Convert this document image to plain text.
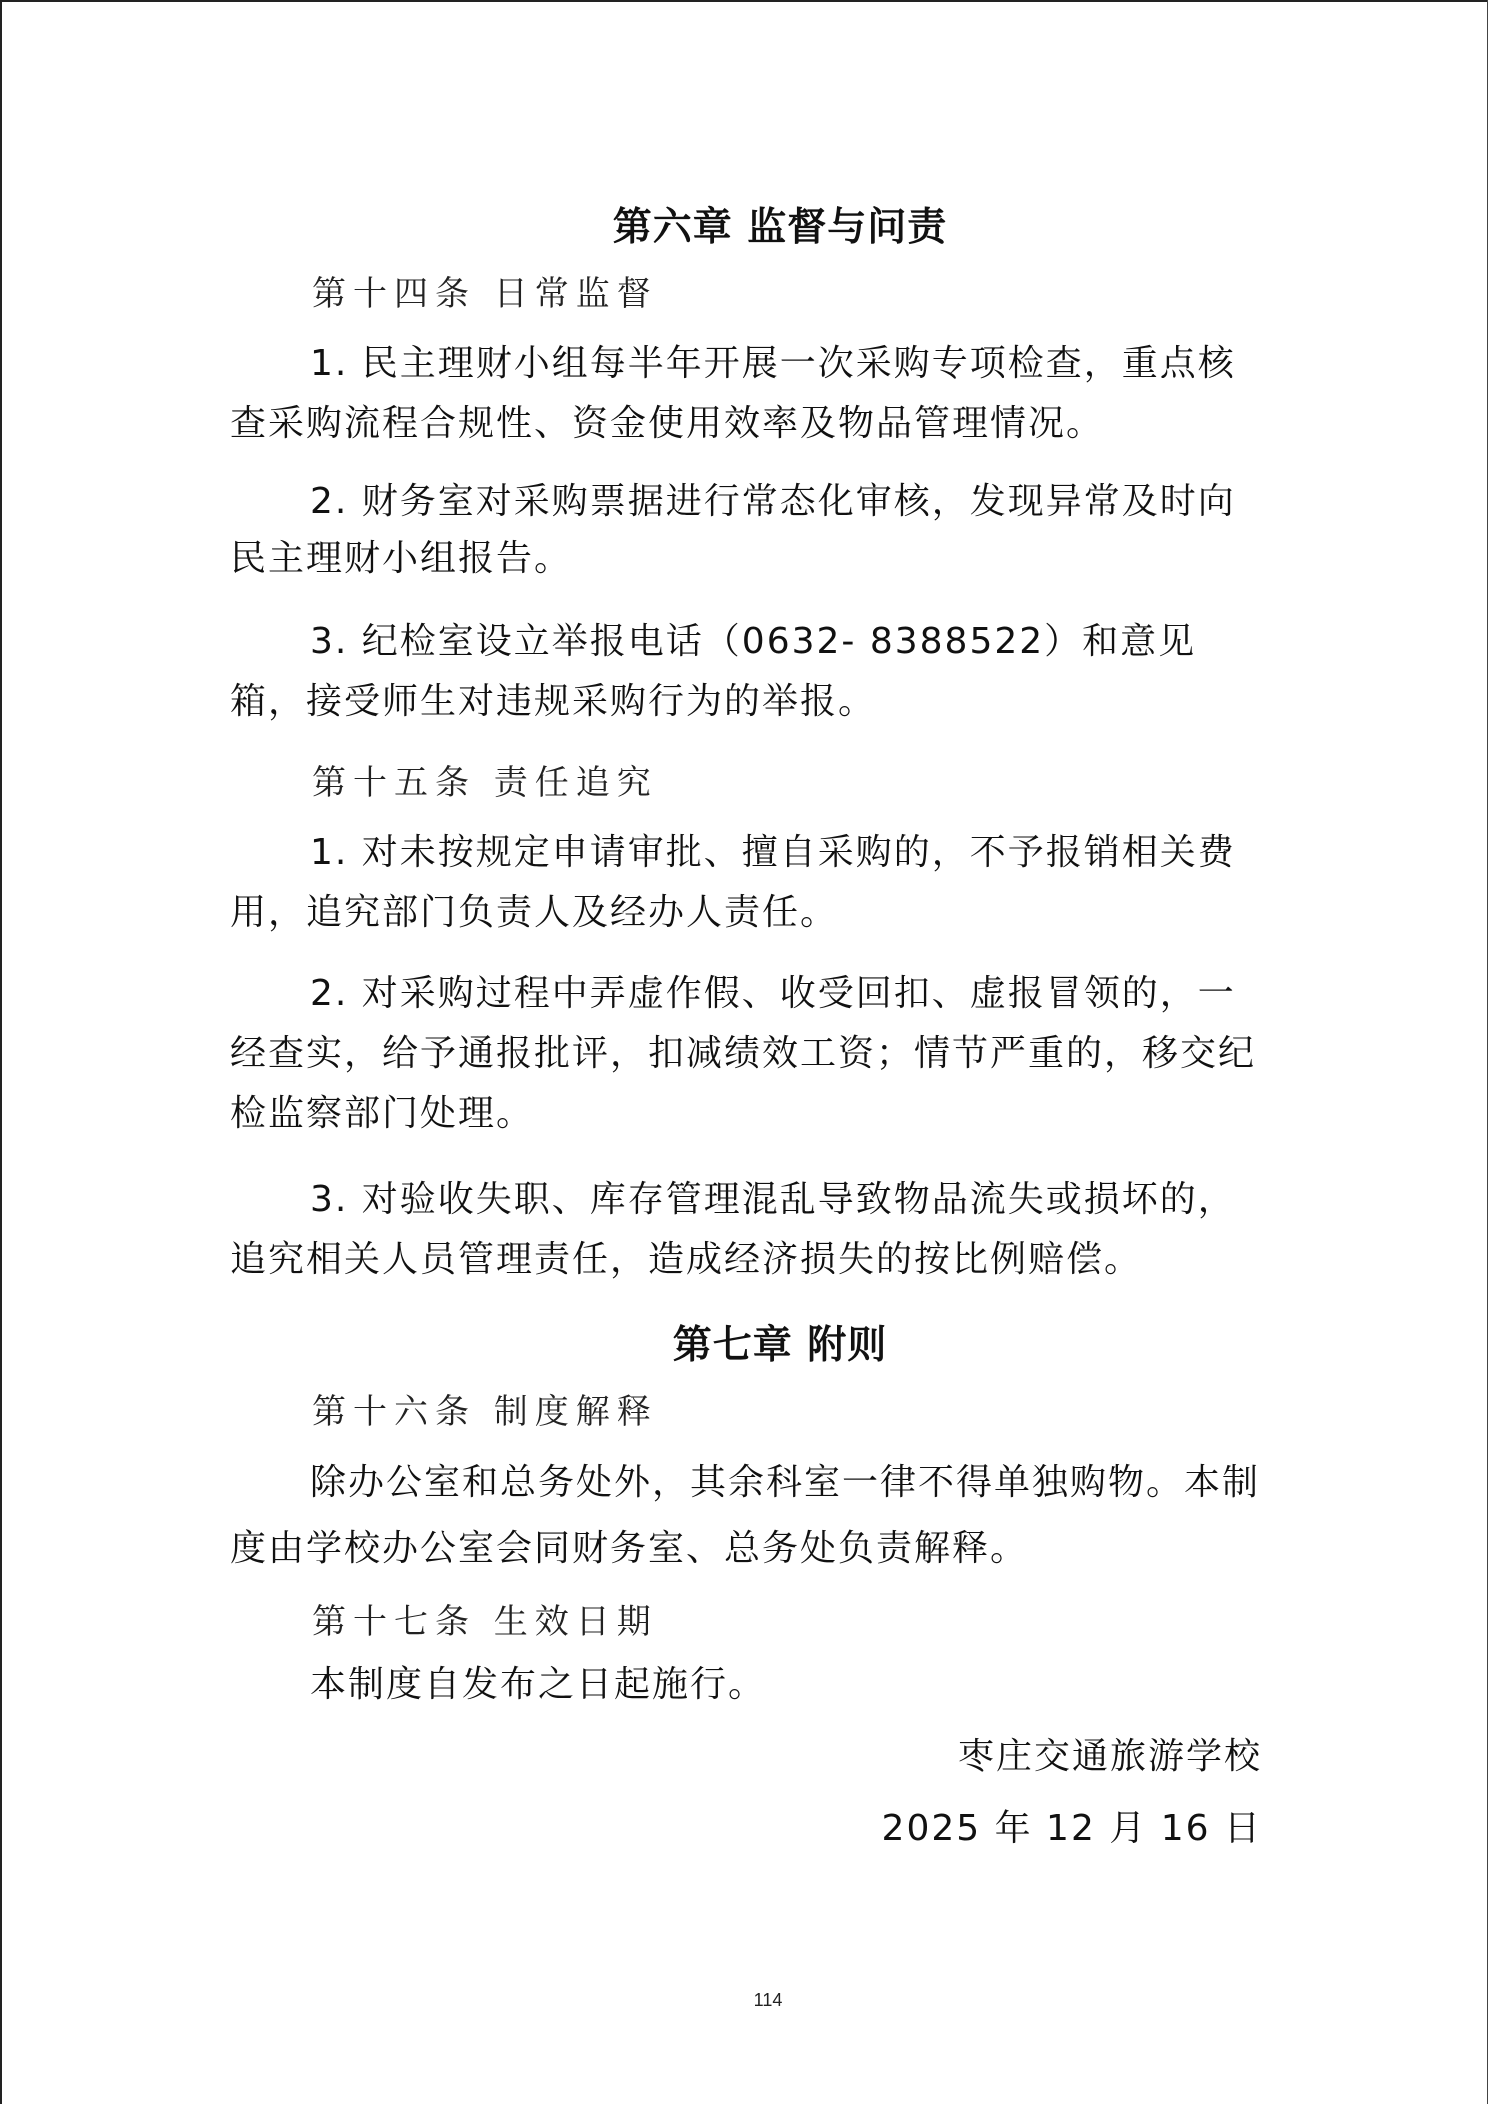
第六章 监督与问责
第十四条 日常监督
1. 民主理财小组每半年开展一次采购专项检查，重点核查采购流程合规性、资金使用效率及物品管理情况。
2. 财务室对采购票据进行常态化审核，发现异常及时向民主理财小组报告。
3. 纪检室设立举报电话（0632- 8388522）和意见箱，接受师生对违规采购行为的举报。
第十五条 责任追究
1. 对未按规定申请审批、擅自采购的，不予报销相关费用，追究部门负责人及经办人责任。
2. 对采购过程中弄虚作假、收受回扣、虚报冒领的，一经查实，给予通报批评，扣减绩效工资；情节严重的，移交纪检监察部门处理。
3. 对验收失职、库存管理混乱导致物品流失或损坏的，追究相关人员管理责任，造成经济损失的按比例赔偿。
第七章 附则
第十六条 制度解释
除办公室和总务处外，其余科室一律不得单独购物。本制度由学校办公室会同财务室、总务处负责解释。
第十七条 生效日期
本制度自发布之日起施行。
枣庄交通旅游学校
2025 年 12 月 16 日
114
